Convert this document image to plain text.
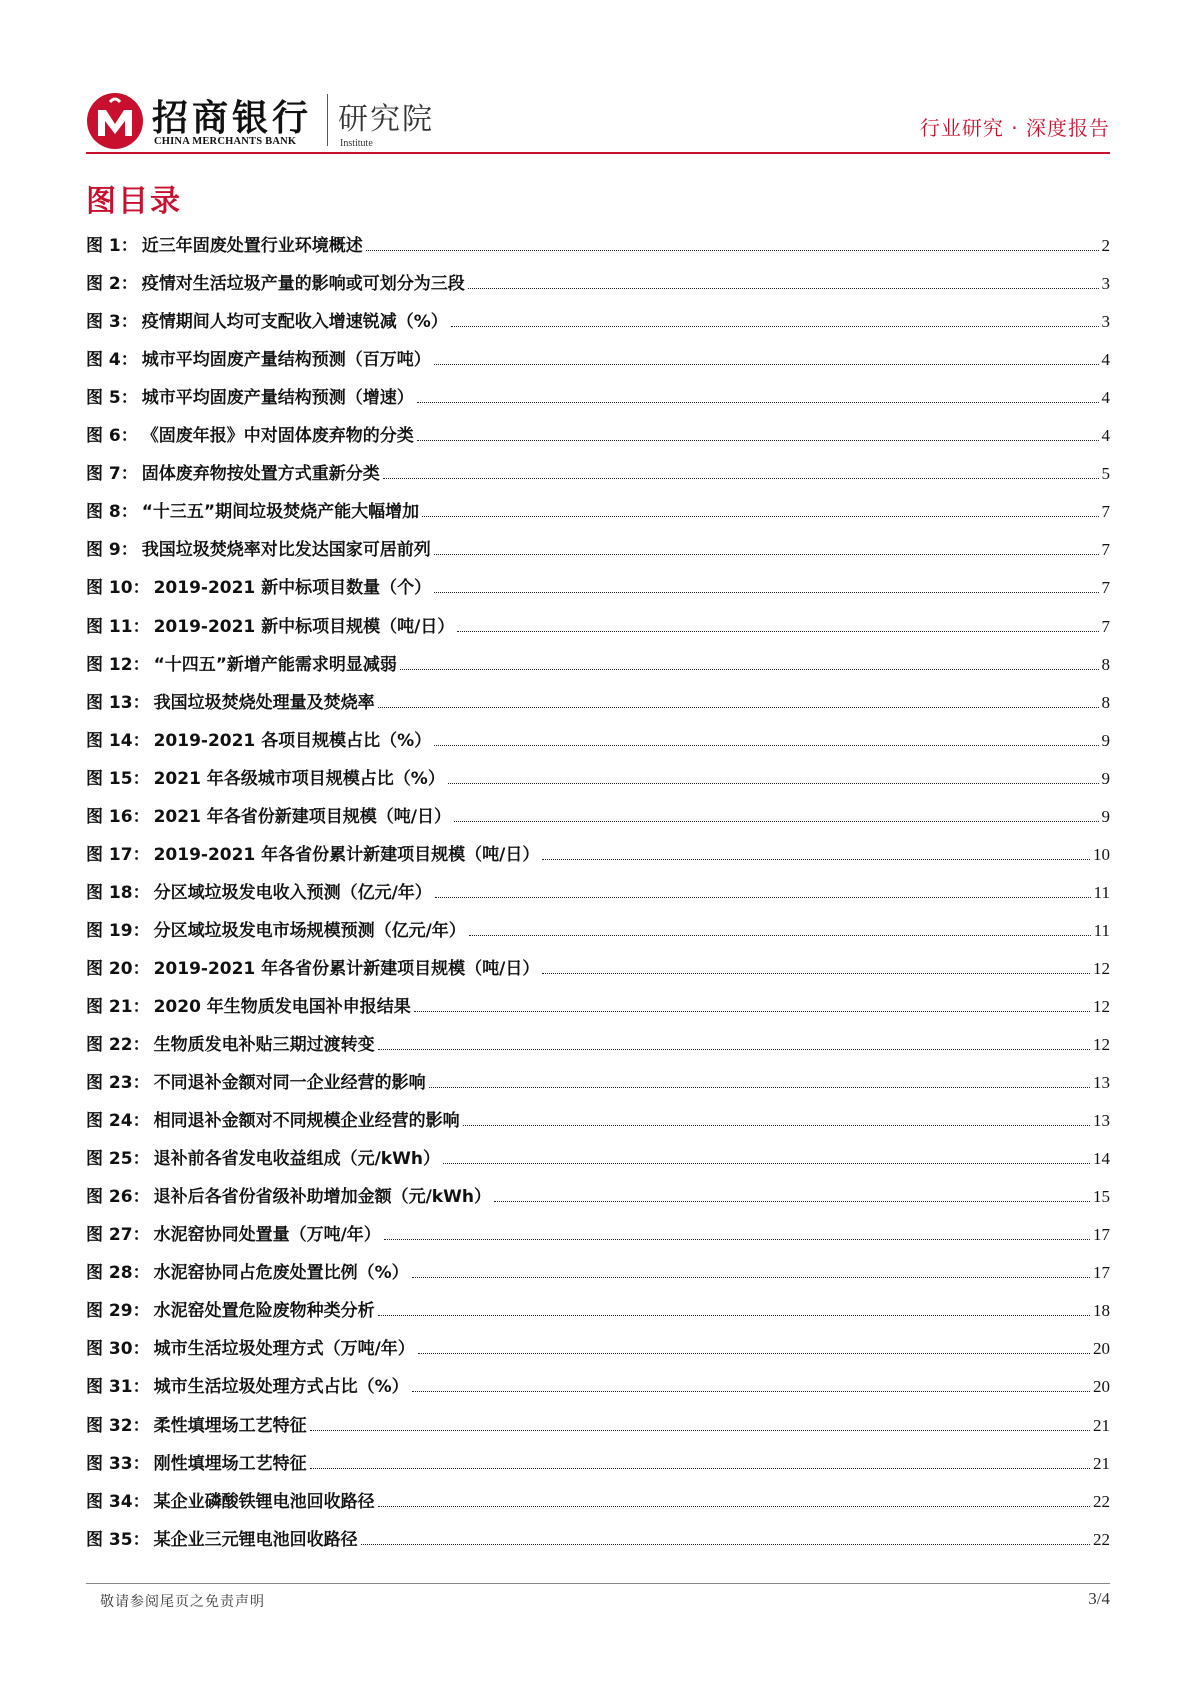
招商银行
CHINA MERCHANTS BANK
研究院
Institute
行业研究 · 深度报告
图目录
图 1： 近三年固废处置行业环境概述	2
图 2： 疫情对生活垃圾产量的影响或可划分为三段	3
图 3： 疫情期间人均可支配收入增速锐减（%）	3
图 4： 城市平均固废产量结构预测（百万吨）	4
图 5： 城市平均固废产量结构预测（增速）	4
图 6： 《固废年报》中对固体废弃物的分类	4
图 7： 固体废弃物按处置方式重新分类	5
图 8： “十三五”期间垃圾焚烧产能大幅增加	7
图 9： 我国垃圾焚烧率对比发达国家可居前列	7
图 10： 2019-2021 新中标项目数量（个）	7
图 11： 2019-2021 新中标项目规模（吨/日）	7
图 12： “十四五”新增产能需求明显减弱	8
图 13： 我国垃圾焚烧处理量及焚烧率	8
图 14： 2019-2021 各项目规模占比（%）	9
图 15： 2021 年各级城市项目规模占比（%）	9
图 16： 2021 年各省份新建项目规模（吨/日）	9
图 17： 2019-2021 年各省份累计新建项目规模（吨/日）	10
图 18： 分区域垃圾发电收入预测（亿元/年）	11
图 19： 分区域垃圾发电市场规模预测（亿元/年）	11
图 20： 2019-2021 年各省份累计新建项目规模（吨/日）	12
图 21： 2020 年生物质发电国补申报结果	12
图 22： 生物质发电补贴三期过渡转变	12
图 23： 不同退补金额对同一企业经营的影响	13
图 24： 相同退补金额对不同规模企业经营的影响	13
图 25： 退补前各省发电收益组成（元/kWh）	14
图 26： 退补后各省份省级补助增加金额（元/kWh）	15
图 27： 水泥窑协同处置量（万吨/年）	17
图 28： 水泥窑协同占危废处置比例（%）	17
图 29： 水泥窑处置危险废物种类分析	18
图 30： 城市生活垃圾处理方式（万吨/年）	20
图 31： 城市生活垃圾处理方式占比（%）	20
图 32： 柔性填埋场工艺特征	21
图 33： 刚性填埋场工艺特征	21
图 34： 某企业磷酸铁锂电池回收路径	22
图 35： 某企业三元锂电池回收路径	22
敬请参阅尾页之免责声明	3/4
